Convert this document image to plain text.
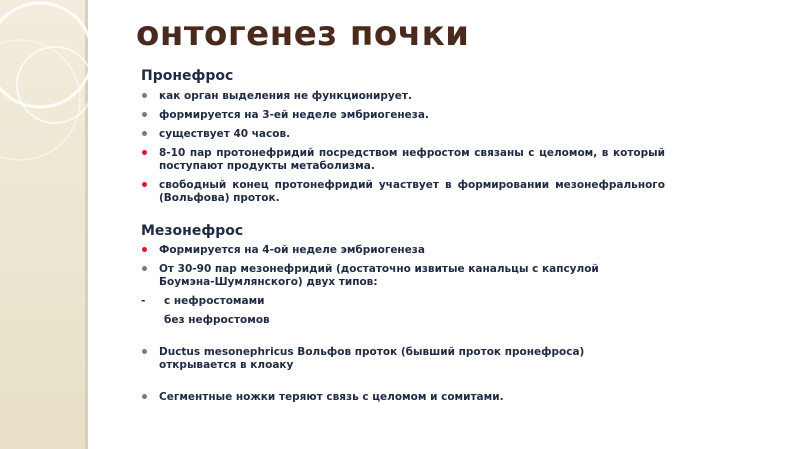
онтогенез почки
Пронефрос
как орган выделения не функционирует.
формируется на 3-ей неделе эмбриогенеза.
существует 40 часов.
8-10 пар протонефридий посредством нефростом связаны с целомом, в который поступают продукты метаболизма.
свободный конец протонефридий участвует в формировании мезонефрального (Вольфова) проток.
Мезонефрос
Формируется на 4-ой неделе эмбриогенеза
От 30-90 пар мезонефридий (достаточно извитые канальцы с капсулой Боумэна-Шумлянского) двух типов:
- с нефростомами
без нефростомов
Ductus mesonephricus Вольфов проток (бывший проток пронефроса)    открывается в клоаку
Сегментные ножки теряют связь с целомом и сомитами.
